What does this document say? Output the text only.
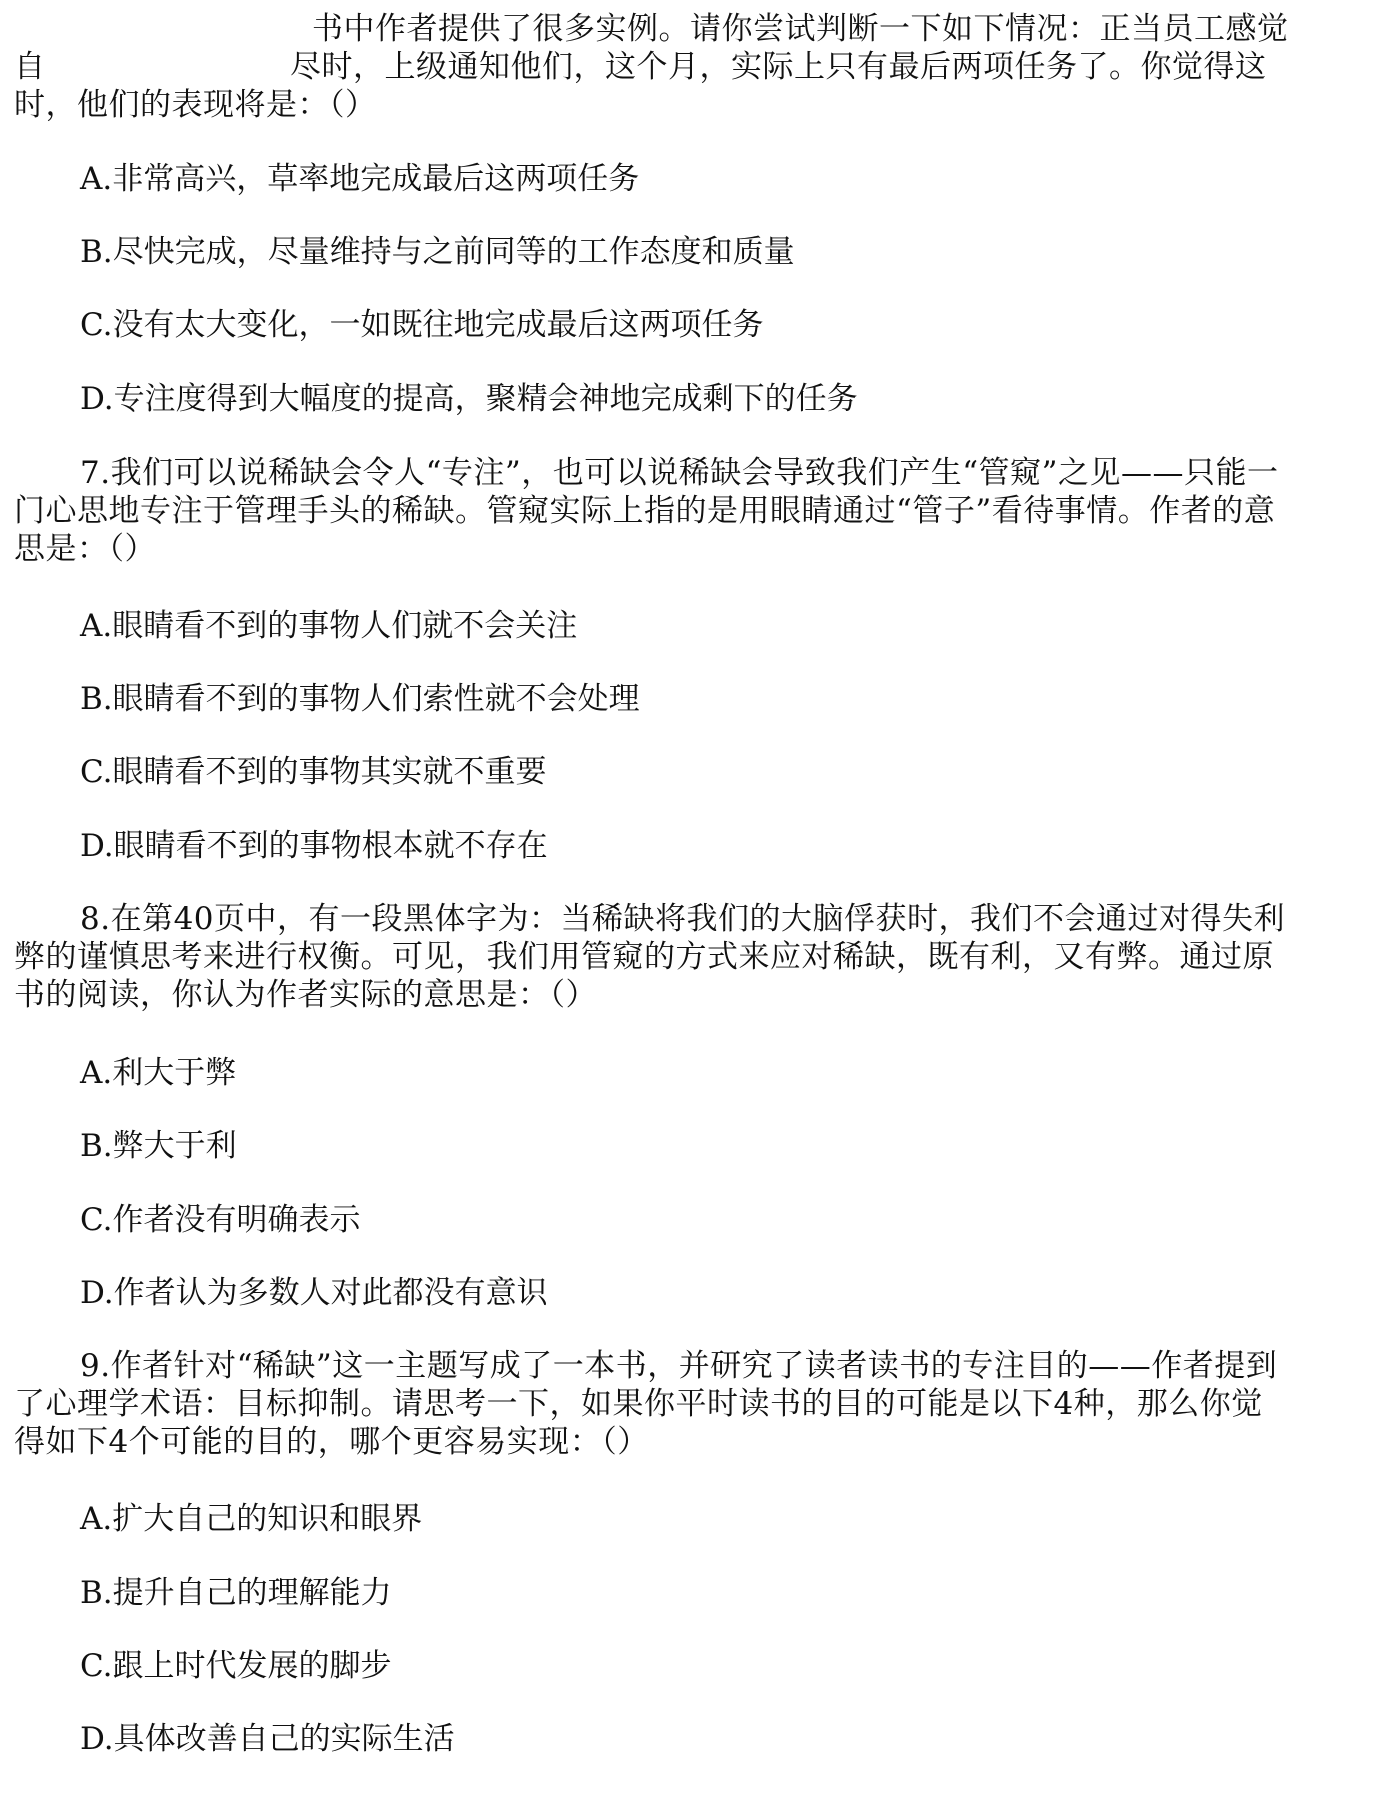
书中作者提供了很多实例。请你尝试判断一下如下情况：正当员工感觉
自	尽时，上级通知他们，这个月，实际上只有最后两项任务了。你觉得这
时，他们的表现将是：（）
A.非常高兴，草率地完成最后这两项任务
B.尽快完成，尽量维持与之前同等的工作态度和质量
C.没有太大变化，一如既往地完成最后这两项任务
D.专注度得到大幅度的提高，聚精会神地完成剩下的任务
7.我们可以说稀缺会令人“专注”，也可以说稀缺会导致我们产生“管窥”之见——只能一
门心思地专注于管理手头的稀缺。管窥实际上指的是用眼睛通过“管子”看待事情。作者的意
思是：（）
A.眼睛看不到的事物人们就不会关注
B.眼睛看不到的事物人们索性就不会处理
C.眼睛看不到的事物其实就不重要
D.眼睛看不到的事物根本就不存在
8.在第40页中，有一段黑体字为：当稀缺将我们的大脑俘获时，我们不会通过对得失利
弊的谨慎思考来进行权衡。可见，我们用管窥的方式来应对稀缺，既有利，又有弊。通过原
书的阅读，你认为作者实际的意思是：（）
A.利大于弊
B.弊大于利
C.作者没有明确表示
D.作者认为多数人对此都没有意识
9.作者针对“稀缺”这一主题写成了一本书，并研究了读者读书的专注目的——作者提到
了心理学术语：目标抑制。请思考一下，如果你平时读书的目的可能是以下4种，那么你觉
得如下4个可能的目的，哪个更容易实现：（）
A.扩大自己的知识和眼界
B.提升自己的理解能力
C.跟上时代发展的脚步
D.具体改善自己的实际生活
